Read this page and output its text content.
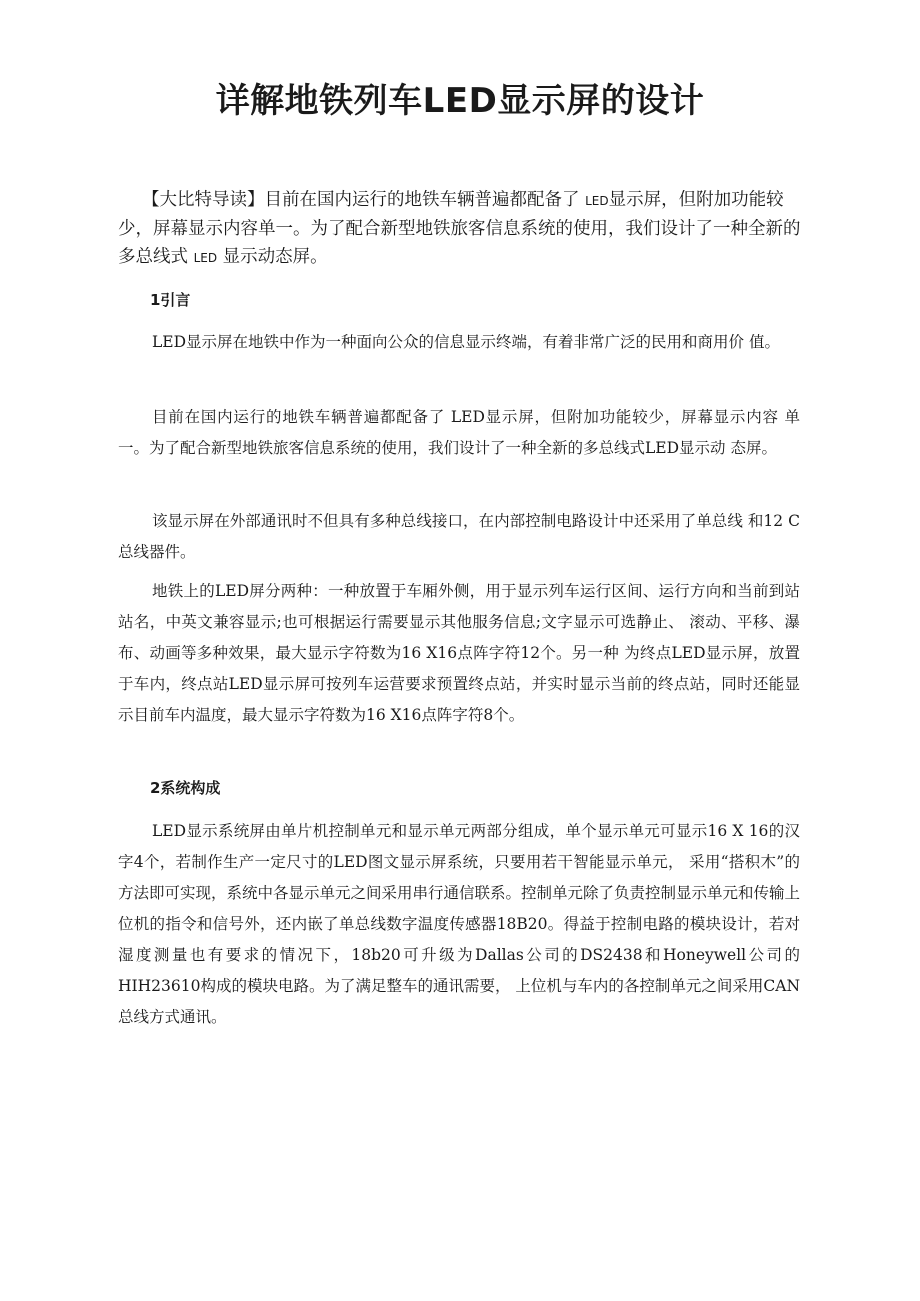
详解地铁列车LED显示屏的设计

【大比特导读】目前在国内运行的地铁车辆普遍都配备了 LED显示屏，但附加功能较少，屏幕显示内容单一。为了配合新型地铁旅客信息系统的使用，我们设计了一种全新的多总线式 LED 显示动态屏。

1引言

LED显示屏在地铁中作为一种面向公众的信息显示终端，有着非常广泛的民用和商用价 值。

目前在国内运行的地铁车辆普遍都配备了 LED显示屏，但附加功能较少，屏幕显示内容 单一。为了配合新型地铁旅客信息系统的使用，我们设计了一种全新的多总线式LED显示动 态屏。

该显示屏在外部通讯时不但具有多种总线接口，在内部控制电路设计中还采用了单总线 和12 C总线器件。

地铁上的LED屏分两种：一种放置于车厢外侧，用于显示列车运行区间、运行方向和当前到站站名，中英文兼容显示;也可根据运行需要显示其他服务信息;文字显示可选静止、 滚动、平移、瀑布、动画等多种效果，最大显示字符数为16 X16点阵字符12个。另一种 为终点LED显示屏，放置于车内，终点站LED显示屏可按列车运营要求预置终点站，并实时显示当前的终点站，同时还能显示目前车内温度，最大显示字符数为16 X16点阵字符8个。

2系统构成

LED显示系统屏由单片机控制单元和显示单元两部分组成，单个显示单元可显示16 X 16的汉字4个，若制作生产一定尺寸的LED图文显示屏系统，只要用若干智能显示单元， 采用“搭积木”的方法即可实现，系统中各显示单元之间采用串行通信联系。控制单元除了负责控制显示单元和传输上位机的指令和信号外，还内嵌了单总线数字温度传感器18B20。得益于控制电路的模块设计，若对湿度测量也有要求的情况下，18b20可升级为Dallas公司的DS2438和Honeywell公司的HIH23610构成的模块电路。为了满足整车的通讯需要， 上位机与车内的各控制单元之间采用CAN总线方式通讯。
